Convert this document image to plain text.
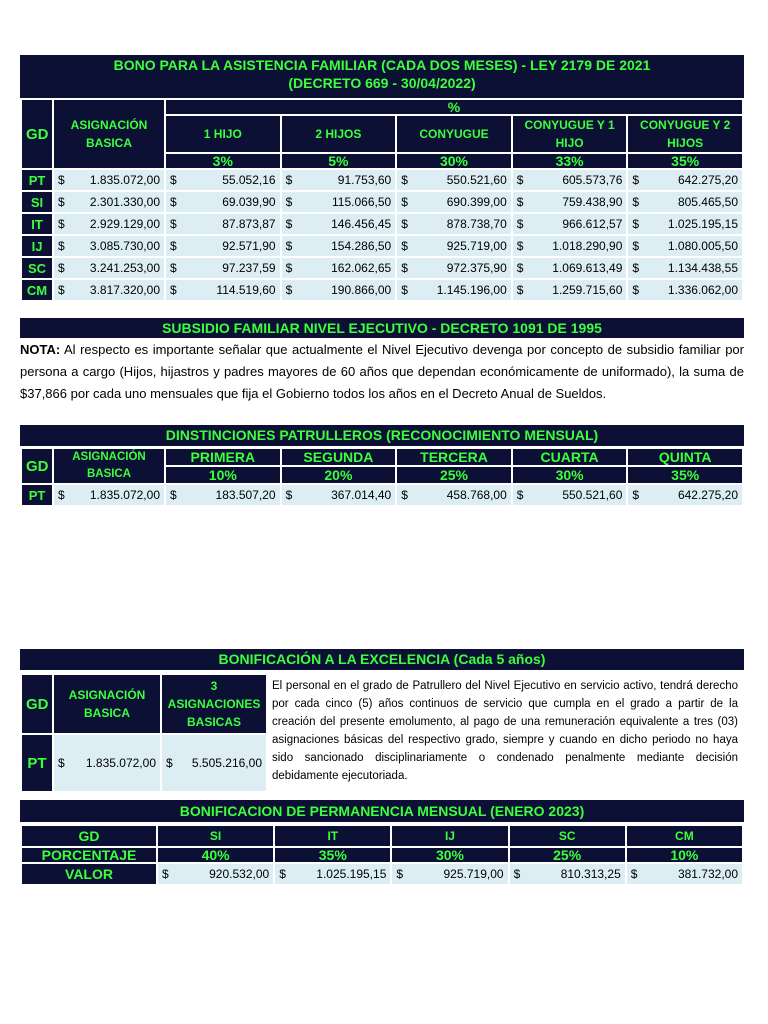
BONO PARA LA ASISTENCIA FAMILIAR (CADA DOS MESES) - LEY 2179 DE 2021
(DECRETO 669 - 30/04/2022)
GD	ASIGNACIÓN BASICA	%				
		1 HIJO	2 HIJOS	CONYUGUE	CONYUGUE Y 1 HIJO	CONYUGUE Y 2 HIJOS
		3%	5%	30%	33%	35%
PT	$ 1.835.072,00	$ 55.052,16	$ 91.753,60	$ 550.521,60	$ 605.573,76	$ 642.275,20

SI	$ 2.301.330,00	$ 69.039,90	$ 115.066,50	$ 690.399,00	$ 759.438,90	$ 805.465,50

IT	$ 2.929.129,00	$ 87.873,87	$ 146.456,45	$ 878.738,70	$ 966.612,57	$ 1.025.195,15

IJ	$ 3.085.730,00	$ 92.571,90	$ 154.286,50	$ 925.719,00	$ 1.018.290,90	$ 1.080.005,50

SC	$ 3.241.253,00	$ 97.237,59	$ 162.062,65	$ 972.375,90	$ 1.069.613,49	$ 1.134.438,55

CM	$ 3.817.320,00	$ 114.519,60	$ 190.866,00	$ 1.145.196,00	$ 1.259.715,60	$ 1.336.062,00
SUBSIDIO FAMILIAR NIVEL EJECUTIVO - DECRETO 1091 DE 1995
NOTA: Al respecto es importante señalar que actualmente el Nivel Ejecutivo devenga por concepto de subsidio familiar por persona a cargo (Hijos, hijastros y padres mayores de 60 años que dependan económicamente de uniformado), la suma de $37,866 por cada uno mensuales que fija el Gobierno todos los años en el Decreto Anual de Sueldos.
DINSTINCIONES PATRULLEROS (RECONOCIMIENTO MENSUAL)
GD	ASIGNACIÓN BASICA	PRIMERA	SEGUNDA	TERCERA	CUARTA	QUINTA
		10%	20%	25%	30%	35%
PT	$ 1.835.072,00	$ 183.507,20	$ 367.014,40	$ 458.768,00	$ 550.521,60	$ 642.275,20
BONIFICACIÓN A LA EXCELENCIA (Cada 5 años)
GD	ASIGNACIÓN BASICA	3 ASIGNACIONES BASICAS	El personal en el grado de Patrullero del Nivel Ejecutivo en servicio activo, tendrá derecho por cada cinco (5) años continuos de servicio que cumpla en el grado a partir de la creación del presente emolumento, al pago de una remuneración equivalente a tres (03) asignaciones básicas del respectivo grado, siempre y cuando en dicho periodo no haya sido sancionado disciplinariamente o condenado penalmente mediante decisión debidamente ejecutoriada.
PT	$ 1.835.072,00	$ 5.505.216,00	
BONIFICACION DE PERMANENCIA MENSUAL (ENERO 2023)
GD	SI	IT	IJ	SC	CM
PORCENTAJE	40%	35%	30%	25%	10%
VALOR	$ 920.532,00	$ 1.025.195,15	$ 925.719,00	$ 810.313,25	$ 381.732,00
